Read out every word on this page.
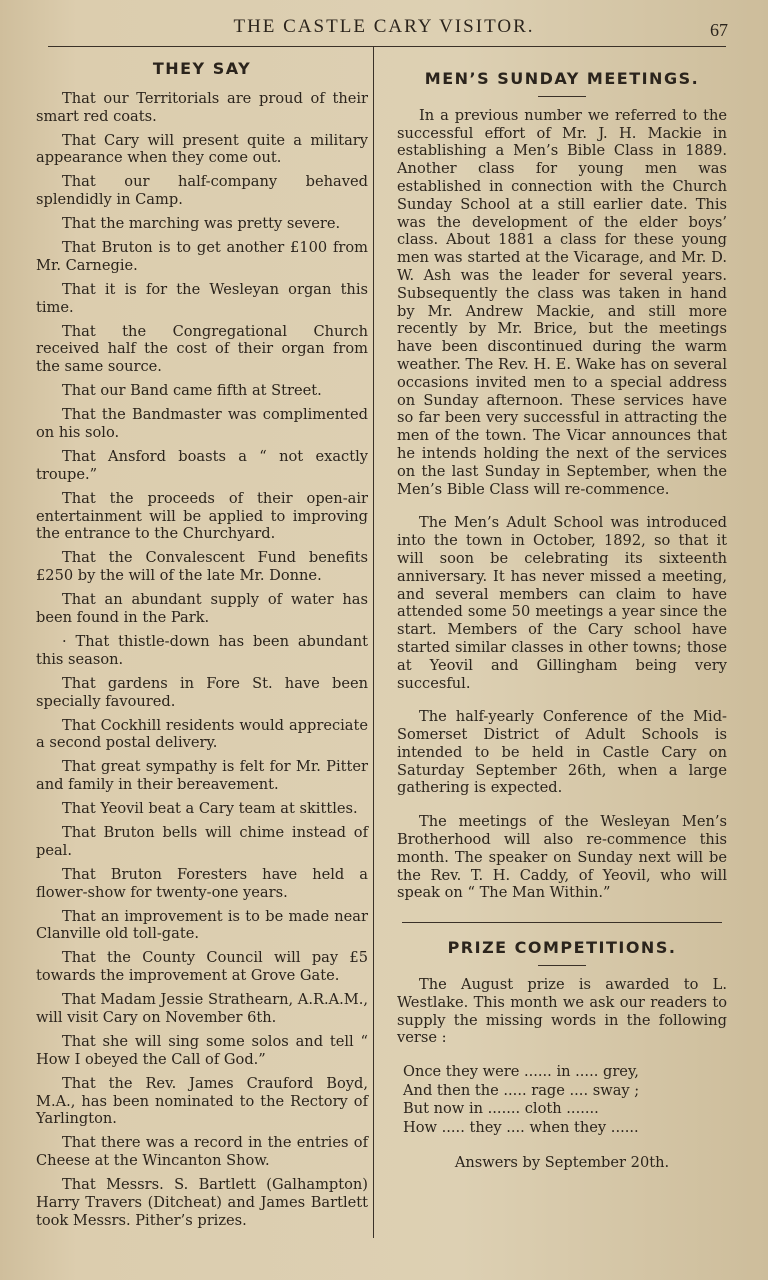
THE CASTLE CARY VISITOR.	67
THEY SAY

That our Territorials are proud of their smart red coats.

That Cary will present quite a military appearance when they come out.

That our half-company behaved splendidly in Camp.

That the marching was pretty severe.

That Bruton is to get another £100 from Mr. Carnegie.

That it is for the Wesleyan organ this time.

That the Congregational Church received half the cost of their organ from the same source.

That our Band came fifth at Street.

That the Bandmaster was complimented on his solo.

That Ansford boasts a “ not exactly troupe.”

That the proceeds of their open-air entertainment will be applied to improving the entrance to the Churchyard.

That the Convalescent Fund benefits £250 by the will of the late Mr. Donne.

That an abundant supply of water has been found in the Park.

· That thistle-down has been abundant this season.

That gardens in Fore St. have been specially favoured.

That Cockhill residents would appreciate a second postal delivery.

That great sympathy is felt for Mr. Pitter and family in their bereavement.

That Yeovil beat a Cary team at skittles.

That Bruton bells will chime instead of peal.

That Bruton Foresters have held a flower-show for twenty-one years.

That an improvement is to be made near Clanville old toll-gate.

That the County Council will pay £5 towards the improvement at Grove Gate.

That Madam Jessie Strathearn, A.R.A.M., will visit Cary on November 6th.

That she will sing some solos and tell “ How I obeyed the Call of God.”

That the Rev. James Crauford Boyd, M.A., has been nominated to the Rectory of Yarlington.

That there was a record in the entries of Cheese at the Wincanton Show.

That Messrs. S. Bartlett (Galhampton) Harry Travers (Ditcheat) and James Bartlett took Messrs. Pither’s prizes.

MEN’S SUNDAY MEETINGS.

In a previous number we referred to the successful effort of Mr. J. H. Mackie in establishing a Men’s Bible Class in 1889. Another class for young men was established in connection with the Church Sunday School at a still earlier date. This was the development of the elder boys’ class. About 1881 a class for these young men was started at the Vicarage, and Mr. D. W. Ash was the leader for several years. Subsequently the class was taken in hand by Mr. Andrew Mackie, and still more recently by Mr. Brice, but the meetings have been discontinued during the warm weather. The Rev. H. E. Wake has on several occasions invited men to a special address on Sunday afternoon. These services have so far been very successful in attracting the men of the town. The Vicar announces that he intends holding the next of the services on the last Sunday in September, when the Men’s Bible Class will re-commence.

The Men’s Adult School was introduced into the town in October, 1892, so that it will soon be celebrating its sixteenth anniversary. It has never missed a meeting, and several members can claim to have attended some 50 meetings a year since the start. Members of the Cary school have started similar classes in other towns; those at Yeovil and Gillingham being very succesful.

The half-yearly Conference of the Mid-Somerset District of Adult Schools is intended to be held in Castle Cary on Saturday September 26th, when a large gathering is expected.

The meetings of the Wesleyan Men’s Brotherhood will also re-commence this month. The speaker on Sunday next will be the Rev. T. H. Caddy, of Yeovil, who will speak on “ The Man Within.”

PRIZE COMPETITIONS.

The August prize is awarded to L. Westlake. This month we ask our readers to supply the missing words in the following verse :

Once they were ...... in ..... grey,
And then the ..... rage .... sway ;
But now in ....... cloth .......
How ..... they .... when they ......
Answers by September 20th.
